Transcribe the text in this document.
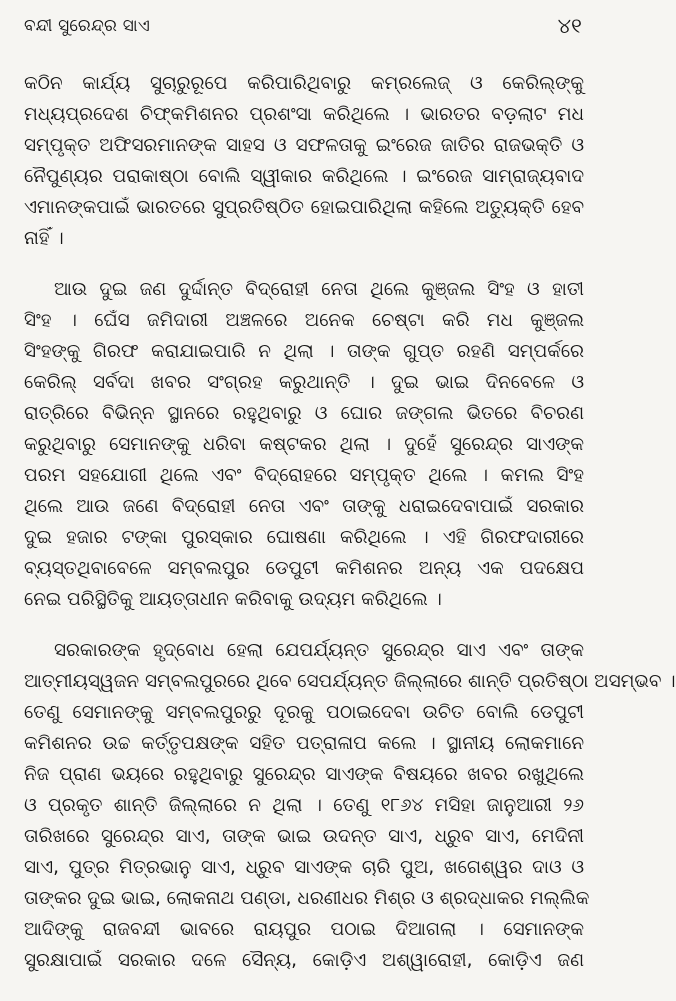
ବନ୍ଦୀ ସୁରେନ୍ଦ୍ର ସାଏ	୪୧
କଠିନ କାର୍ଯ୍ୟ ସୁଚାରୁରୂପେ କରିପାରିଥିବାରୁ କମ୍‌ରଲେଜ୍ ଓ କେରିଲ୍‌ଙ୍କୁ
ମଧ୍ୟପ୍ରଦେଶ ଚିଫ୍‌କମିଶନର ପ୍ରଶଂସା କରିଥିଲେ । ଭାରତର ବଡ଼ଲାଟ ମଧ
ସମ୍ପୃକ୍ତ ଅଫିସରମାନଙ୍କ ସାହସ ଓ ସଫଳତାକୁ ଇଂରେଜ ଜାତିର ରାଜଭକ୍ତି ଓ
ନୈପୁଣ୍ୟର ପରାକାଷ୍ଠା ବୋଲି ସ୍ୱୀକାର କରିଥିଲେ । ଇଂରେଜ ସାମ୍ରାଜ୍ୟବାଦ
ଏମାନଙ୍କପାଇଁ ଭାରତରେ ସୁପ୍ରତିଷ୍ଠିତ ହୋଇପାରିଥିଲା କହିଲେ ଅତ୍ୟୁକ୍ତି ହେବ
ନାହିଁ ।
ଆଉ ଦୁଇ ଜଣ ଦୁର୍ଦ୍ଦାନ୍ତ ବିଦ୍ରୋହୀ ନେତା ଥିଲେ କୁଞ୍ଜଲ ସିଂହ ଓ ହାତୀ
ସିଂହ । ଘେଁସ ଜମିଦାରୀ ଅଞ୍ଚଳରେ ଅନେକ ଚେଷ୍ଟା କରି ମଧ କୁଞ୍ଜଲ
ସିଂହଙ୍କୁ ଗିରଫ କରାଯାଇପାରି ନ ଥିଲା । ତାଙ୍କ ଗୁପ୍ତ ରହଣି ସମ୍ପର୍କରେ
କେରିଲ୍ ସର୍ବଦା ଖବର ସଂଗ୍ରହ କରୁଥାନ୍ତି । ଦୁଇ ଭାଇ ଦିନବେଳେ ଓ
ରାତ୍ରିରେ ବିଭିନ୍ନ ସ୍ଥାନରେ ରହୁଥିବାରୁ ଓ ଘୋର ଜଙ୍ଗଲ ଭିତରେ ବିଚରଣ
କରୁଥିବାରୁ ସେମାନଙ୍କୁ ଧରିବା କଷ୍ଟକର ଥିଲା । ଦୁହେଁ ସୁରେନ୍ଦ୍ର ସାଏଙ୍କ
ପରମ ସହଯୋଗୀ ଥିଲେ ଏବଂ ବିଦ୍ରୋହରେ ସମ୍ପୃକ୍ତ ଥିଲେ । କମଲ ସିଂହ
ଥିଲେ ଆଉ ଜଣେ ବିଦ୍ରୋହୀ ନେତା ଏବଂ ତାଙ୍କୁ ଧରାଇଦେବାପାଇଁ ସରକାର
ଦୁଇ ହଜାର ଟଙ୍କା ପୁରସ୍କାର ଘୋଷଣା କରିଥିଲେ । ଏହି ଗିରଫଦାରୀରେ
ବ୍ୟସ୍ତଥିବାବେଳେ ସମ୍ବଲପୁର ଡେପୁଟୀ କମିଶନର ଅନ୍ୟ ଏକ ପଦକ୍ଷେପ
ନେଇ ପରିସ୍ଥିତିକୁ ଆୟତ୍ତାଧୀନ କରିବାକୁ ଉଦ୍ୟମ କରିଥିଲେ ।
ସରକାରଙ୍କ ହୃଦ୍‌ବୋଧ ହେଲା ଯେପର୍ଯ୍ୟନ୍ତ ସୁରେନ୍ଦ୍ର ସାଏ ଏବଂ ତାଙ୍କ
ଆତ୍ମୀୟସ୍ୱଜନ ସମ୍ବଲପୁରରେ ଥିବେ ସେପର୍ଯ୍ୟନ୍ତ ଜିଲ୍ଲାରେ ଶାନ୍ତି ପ୍ରତିଷ୍ଠା ଅସମ୍ଭବ ।
ତେଣୁ ସେମାନଙ୍କୁ ସମ୍ବଲପୁରରୁ ଦୂରକୁ ପଠାଇଦେବା ଉଚିତ ବୋଲି ଡେପୁଟୀ
କମିଶନର ଉଚ୍ଚ କର୍ତ୍ତୃପକ୍ଷଙ୍କ ସହିତ ପତ୍ରାଳାପ କଲେ । ସ୍ଥାନୀୟ ଲୋକମାନେ
ନିଜ ପ୍ରାଣ ଭୟରେ ରହୁଥିବାରୁ ସୁରେନ୍ଦ୍ର ସାଏଙ୍କ ବିଷୟରେ ଖବର ରଖୁଥିଲେ
ଓ ପ୍ରକୃତ ଶାନ୍ତି ଜିଲ୍ଲାରେ ନ ଥିଲା । ତେଣୁ ୧୮୬୪ ମସିହା ଜାନୁଆରୀ ୨୬
ତାରିଖରେ ସୁରେନ୍ଦ୍ର ସାଏ, ତାଙ୍କ ଭାଇ ଉଦନ୍ତ ସାଏ, ଧ୍ରୁବ ସାଏ, ମେଦିନୀ
ସାଏ, ପୁତ୍ର ମିତ୍ରଭାନୁ ସାଏ, ଧ୍ରୁବ ସାଏଙ୍କ ଚାରି ପୁଅ, ଖଗେଶ୍ୱର ଦାଓ ଓ
ତାଙ୍କର ଦୁଇ ଭାଇ, ଲୋକନାଥ ପଣ୍ଡା, ଧରଣୀଧର ମିଶ୍ର ଓ ଶ୍ରଦ୍ଧାକର ମଲ୍ଲିକ
ଆଦିଙ୍କୁ ରାଜବନ୍ଦୀ ଭାବରେ ରାୟପୁର ପଠାଇ ଦିଆଗଲା । ସେମାନଙ୍କ
ସୁରକ୍ଷାପାଇଁ ସରକାର ଦଳେ ସୈନ୍ୟ, କୋଡ଼ିଏ ଅଶ୍ୱାରୋହୀ, କୋଡ଼ିଏ ଜଣ
